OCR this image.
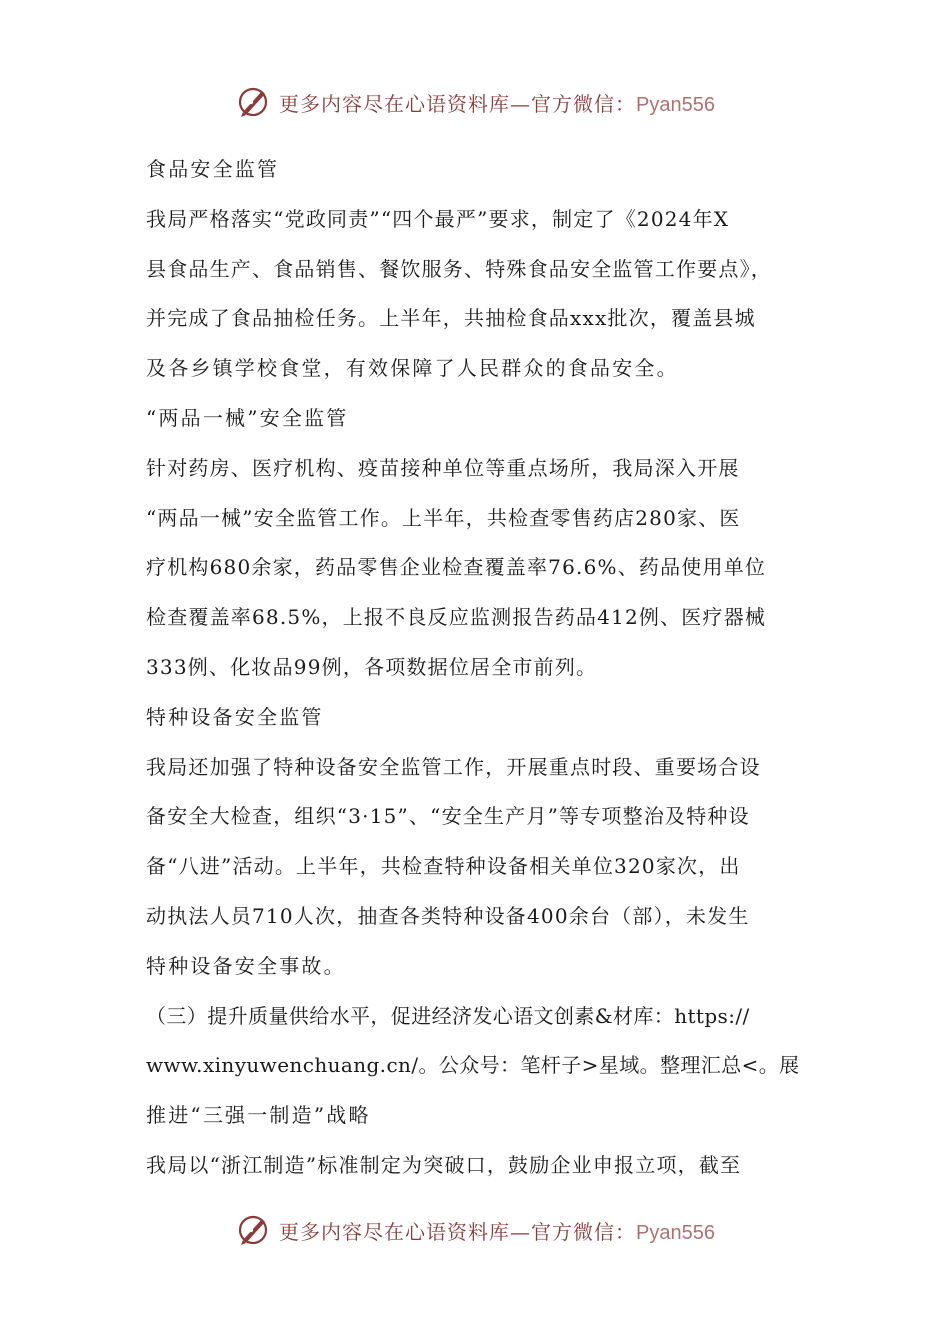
更多内容尽在心语资料库—官方微信：Pyan556
食品安全监管
我局严格落实“党政同责”“四个最严”要求，制定了《2024年X
县食品生产、食品销售、餐饮服务、特殊食品安全监管工作要点》，
并完成了食品抽检任务。上半年，共抽检食品xxx批次，覆盖县城
及各乡镇学校食堂，有效保障了人民群众的食品安全。
“两品一械”安全监管
针对药房、医疗机构、疫苗接种单位等重点场所，我局深入开展
“两品一械”安全监管工作。上半年，共检查零售药店280家、医
疗机构680余家，药品零售企业检查覆盖率76.6%、药品使用单位
检查覆盖率68.5%，上报不良反应监测报告药品412例、医疗器械
333例、化妆品99例，各项数据位居全市前列。
特种设备安全监管
我局还加强了特种设备安全监管工作，开展重点时段、重要场合设
备安全大检查，组织“3·15”、“安全生产月”等专项整治及特种设
备“八进”活动。上半年，共检查特种设备相关单位320家次，出
动执法人员710人次，抽查各类特种设备400余台（部），未发生
特种设备安全事故。
（三）提升质量供给水平，促进经济发心语文创素&材库：https://
www.xinyuwenchuang.cn/。公众号：笔杆子>星域。整理汇总<。展
推进“三强一制造”战略
我局以“浙江制造”标准制定为突破口，鼓励企业申报立项，截至
更多内容尽在心语资料库—官方微信：Pyan556
